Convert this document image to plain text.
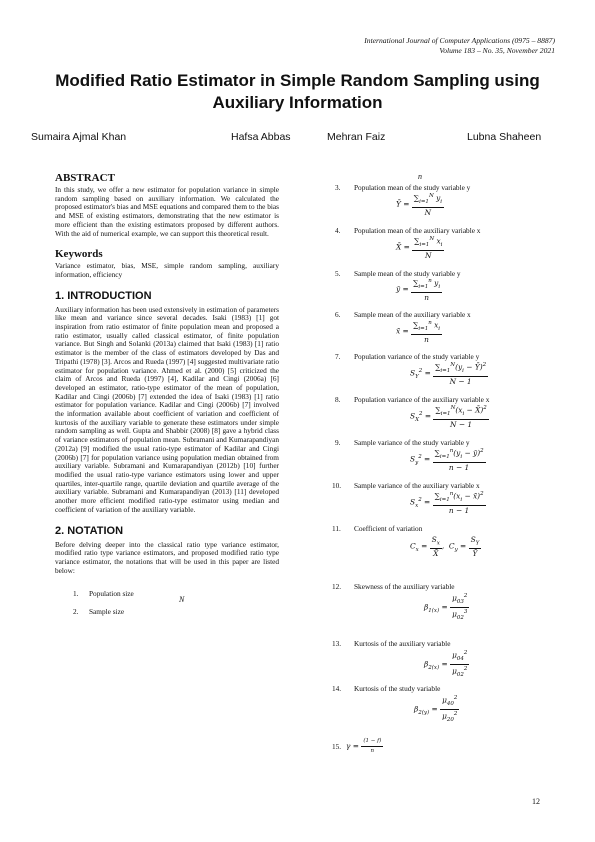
International Journal of Computer Applications (0975 – 8887)
Volume 183 – No. 35, November 2021
Modified Ratio Estimator in Simple Random Sampling using Auxiliary Information
Sumaira Ajmal Khan	Hafsa Abbas	Mehran Faiz	Lubna Shaheen
ABSTRACT

In this study, we offer a new estimator for population variance in simple random sampling based on auxiliary information. We calculated the proposed estimator's bias and MSE equations and compared them to the bias and MSE of existing estimators, demonstrating that the new estimator is more efficient than the existing estimators proposed by different authors. With the aid of numerical example, we can support this theoretical result.

Keywords

Variance estimator, bias, MSE, simple random sampling, auxiliary information, efficiency

1. INTRODUCTION

Auxiliary information has been used extensively in estimation of parameters like mean and variance since several decades. Isaki (1983) [1] got inspiration from ratio estimator of finite population mean and proposed a ratio estimator, usually called classical estimator, of finite population variance. But Singh and Solanki (2013a) claimed that Isaki (1983) [1] ratio estimator is the member of the class of estimators developed by Das and Tripathi (1978) [3]. Arcos and Rueda (1997) [4] suggested multivariate ratio estimator for population variance. Ahmed et al. (2000) [5] criticized the claim of Arcos and Rueda (1997) [4], Kadilar and Cingi (2006a) [6] developed an estimator, ratio-type estimator of the mean of population, Kadilar and Cingi (2006b) [7] extended the idea of Isaki (1983) [1] ratio estimator for population variance. Kadilar and Cingi (2006b) [7] involved the information available about coefficient of variation and coefficient of kurtosis of the auxiliary variable to generate these estimators under simple random sampling as well. Gupta and Shabbir (2008) [8] gave a hybrid class of variance estimators of population mean. Subramani and Kumarapandiyan (2012a) [9] modified the usual ratio-type estimator of Kadilar and Cingi (2006b) [7] for population variance using population median obtained from auxiliary variable. Subramani and Kumarapandiyan (2012b) [10] further modified the usual ratio-type variance estimators using lower and upper quartiles, inter-quartile range, quartile deviation and quartile average of the auxiliary variable. Subramani and Kumarapandiyan (2013) [11] developed another more efficient modified ratio-type estimator using median and coefficient of variation of the auxiliary variable.

2. NOTATION

Before delving deeper into the classical ratio type variance estimator, modified ratio type variance estimators, and proposed modified ratio type variance estimator, the notations that will be used in this paper are listed below:

1. Population size
N
2. Sample size
n
3. Population mean of the study variable y
Ȳ = $\frac{\sum_{i=1}^N y_i}{N}$
4. Population mean of the auxiliary variable x
X̄ = $\frac{\sum_{i=1}^N x_i}{N}$
5. Sample mean of the study variable y
ȳ = $\frac{\sum_{i=1}^n y_i}{n}$
6. Sample mean of the auxiliary variable x
x̄ = $\frac{\sum_{i=1}^n x_i}{n}$
7. Population variance of the study variable y
$S_Y^2 = \frac{\sum_{i=1}^N(y_i - Ȳ)^2}{N - 1}$
8. Population variance of the auxiliary variable x
$S_X^2 = \frac{\sum_{i=1}^N(x_i - X̄)^2}{N - 1}$
9. Sample variance of the study variable y
$S_y^2 = \frac{\sum_{i=1}^n(y_i - ȳ)^2}{n - 1}$
10. Sample variance of the auxiliary variable x
$S_x^2 = \frac{\sum_{i=1}^n(x_i - x̄)^2}{n - 1}$
11. Coefficient of variation
$C_x = \frac{S_x}{X̄}$ ,  $C_y = \frac{S_Y}{Ȳ}$
12. Skewness of the auxiliary variable
$\beta_{1(x)} = \frac{\mu_{03}^2}{\mu_{02}^3}$
13. Kurtosis of the auxiliary variable
$\beta_{2(x)} = \frac{\mu_{04}^2}{\mu_{02}^2}$
14. Kurtosis of the study variable
$\beta_{2(y)} = \frac{\mu_{40}^2}{\mu_{20}^2}$
15. $\gamma = \frac{(1 - f)}{n}$
12
